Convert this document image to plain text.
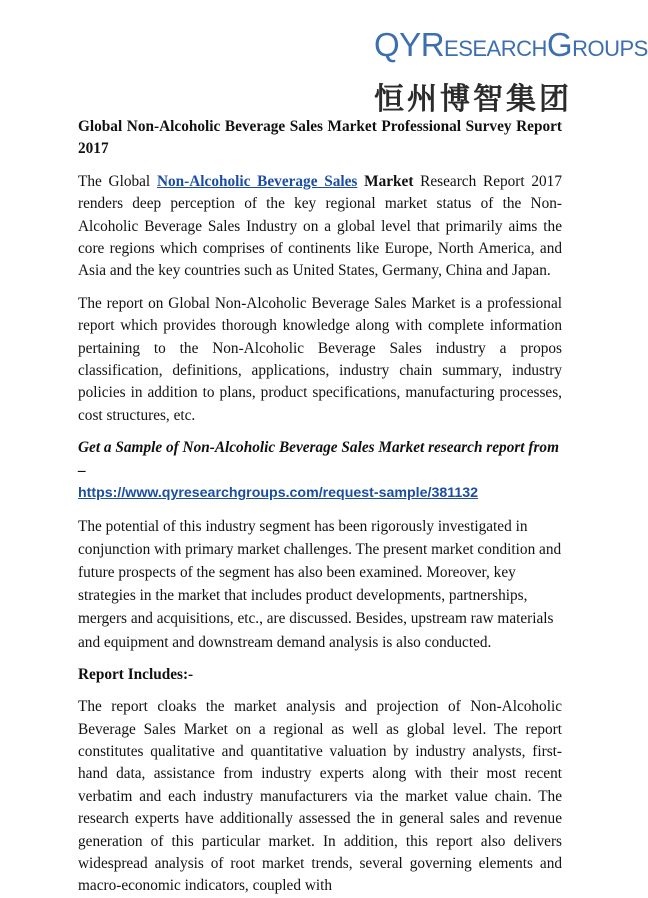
QYRESEARCHGROUPS
恒州博智集团

Global Non-Alcoholic Beverage Sales Market Professional Survey Report 2017

The Global Non-Alcoholic Beverage Sales Market Research Report 2017 renders deep perception of the key regional market status of the Non-Alcoholic Beverage Sales Industry on a global level that primarily aims the core regions which comprises of continents like Europe, North America, and Asia and the key countries such as United States, Germany, China and Japan.

The report on Global Non-Alcoholic Beverage Sales Market is a professional report which provides thorough knowledge along with complete information pertaining to the Non-Alcoholic Beverage Sales industry a propos classification, definitions, applications, industry chain summary, industry policies in addition to plans, product specifications, manufacturing processes, cost structures, etc.

Get a Sample of Non-Alcoholic Beverage Sales Market research report from –
https://www.qyresearchgroups.com/request-sample/381132

The potential of this industry segment has been rigorously investigated in conjunction with primary market challenges. The present market condition and future prospects of the segment has also been examined. Moreover, key strategies in the market that includes product developments, partnerships, mergers and acquisitions, etc., are discussed. Besides, upstream raw materials and equipment and downstream demand analysis is also conducted.

Report Includes:-

The report cloaks the market analysis and projection of Non-Alcoholic Beverage Sales Market on a regional as well as global level. The report constitutes qualitative and quantitative valuation by industry analysts, first-hand data, assistance from industry experts along with their most recent verbatim and each industry manufacturers via the market value chain. The research experts have additionally assessed the in general sales and revenue generation of this particular market. In addition, this report also delivers widespread analysis of root market trends, several governing elements and macro-economic indicators, coupled with
